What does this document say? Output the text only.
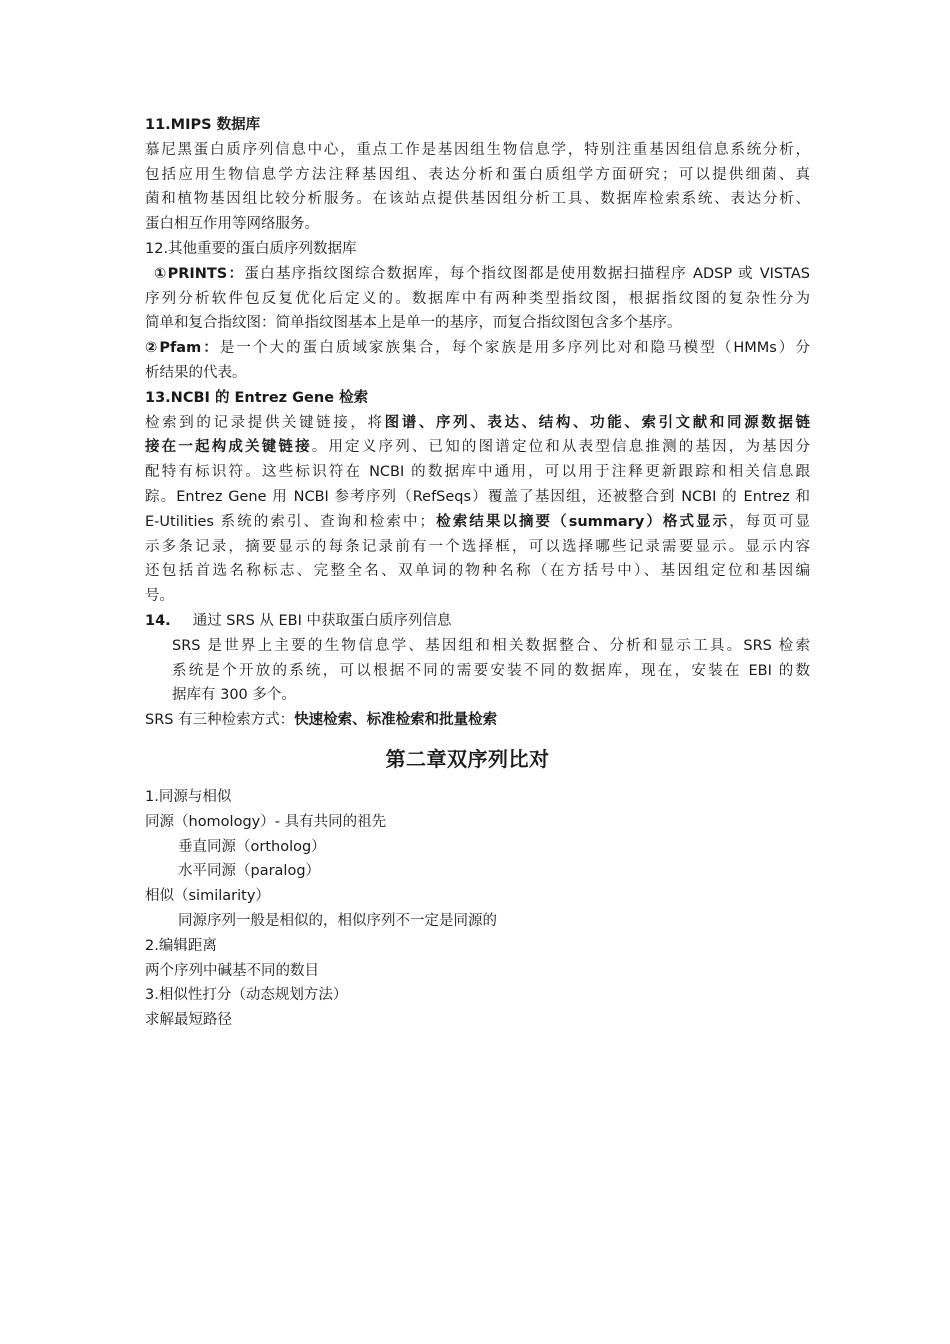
11.MIPS 数据库
慕尼黑蛋白质序列信息中心，重点工作是基因组生物信息学，特别注重基因组信息系统分析，
包括应用生物信息学方法注释基因组、表达分析和蛋白质组学方面研究；可以提供细菌、真
菌和植物基因组比较分析服务。在该站点提供基因组分析工具、数据库检索系统、表达分析、
蛋白相互作用等网络服务。
12.其他重要的蛋白质序列数据库
①PRINTS：蛋白基序指纹图综合数据库，每个指纹图都是使用数据扫描程序 ADSP 或 VISTAS
序列分析软件包反复优化后定义的。数据库中有两种类型指纹图，根据指纹图的复杂性分为
简单和复合指纹图：简单指纹图基本上是单一的基序，而复合指纹图包含多个基序。
②Pfam：是一个大的蛋白质域家族集合，每个家族是用多序列比对和隐马模型（HMMs）分
析结果的代表。
13.NCBI 的 Entrez Gene 检索
检索到的记录提供关键链接，将图谱、序列、表达、结构、功能、索引文献和同源数据链
接在一起构成关键链接。用定义序列、已知的图谱定位和从表型信息推测的基因，为基因分
配特有标识符。这些标识符在 NCBI 的数据库中通用，可以用于注释更新跟踪和相关信息跟
踪。Entrez Gene 用 NCBI 参考序列（RefSeqs）覆盖了基因组，还被整合到 NCBI 的 Entrez 和
E-Utilities 系统的索引、查询和检索中；检索结果以摘要（summary）格式显示，每页可显
示多条记录，摘要显示的每条记录前有一个选择框，可以选择哪些记录需要显示。显示内容
还包括首选名称标志、完整全名、双单词的物种名称（在方括号中）、基因组定位和基因编
号。
14. 通过 SRS 从 EBI 中获取蛋白质序列信息
SRS 是世界上主要的生物信息学、基因组和相关数据整合、分析和显示工具。SRS 检索
系统是个开放的系统，可以根据不同的需要安装不同的数据库，现在，安装在 EBI 的数
据库有 300 多个。
SRS 有三种检索方式：快速检索、标准检索和批量检索
第二章双序列比对
1.同源与相似
同源（homology）- 具有共同的祖先
垂直同源（ortholog）
水平同源（paralog）
相似（similarity）
同源序列一般是相似的，相似序列不一定是同源的
2.编辑距离
两个序列中碱基不同的数目
3.相似性打分（动态规划方法）
求解最短路径
